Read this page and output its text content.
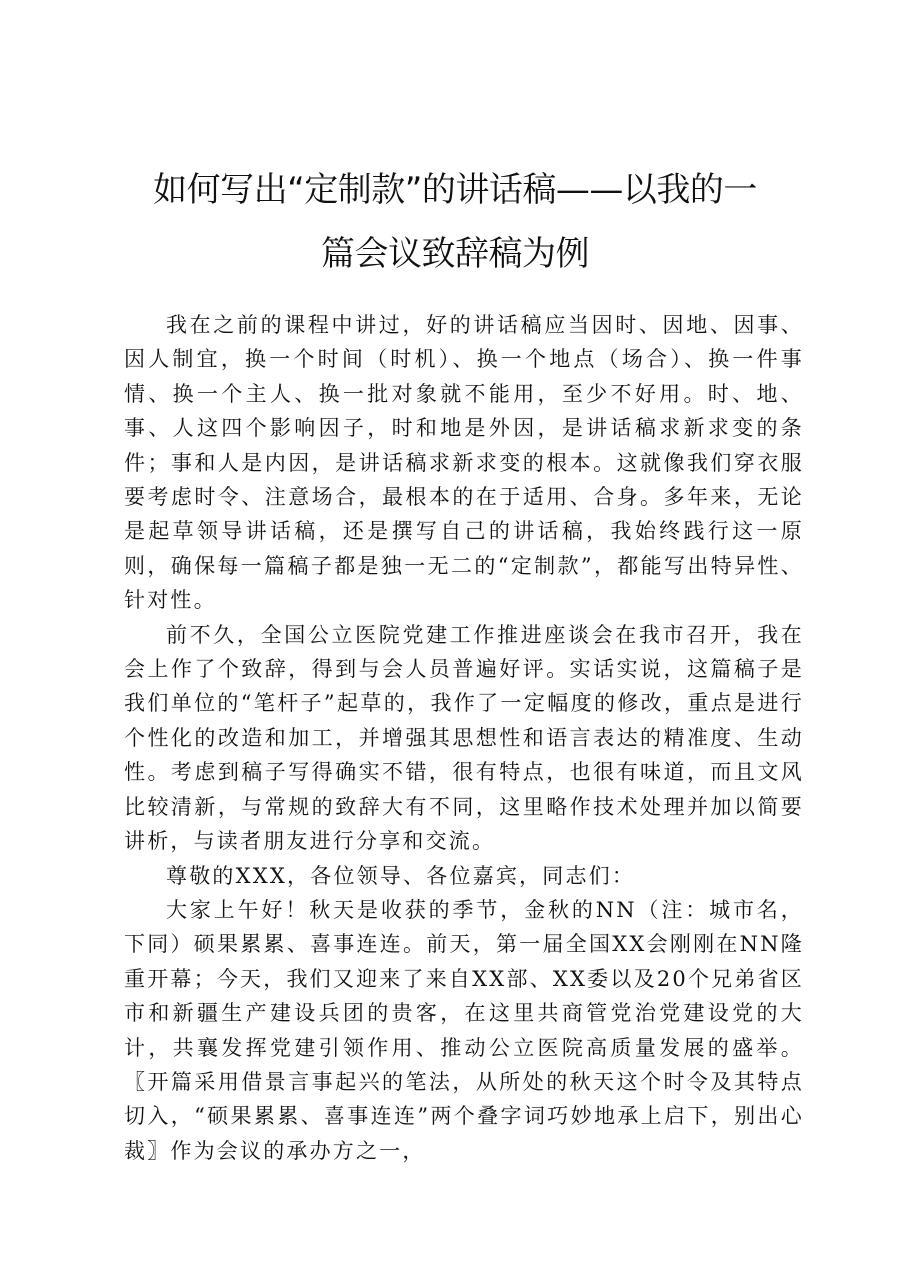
如何写出“定制款”的讲话稿——以我的一
篇会议致辞稿为例

我在之前的课程中讲过，好的讲话稿应当因时、因地、因事、因人制宜，换一个时间（时机）、换一个地点（场合）、换一件事情、换一个主人、换一批对象就不能用，至少不好用。时、地、事、人这四个影响因子，时和地是外因，是讲话稿求新求变的条件；事和人是内因，是讲话稿求新求变的根本。这就像我们穿衣服要考虑时令、注意场合，最根本的在于适用、合身。多年来，无论是起草领导讲话稿，还是撰写自己的讲话稿，我始终践行这一原则，确保每一篇稿子都是独一无二的“定制款”，都能写出特异性、针对性。

前不久，全国公立医院党建工作推进座谈会在我市召开，我在会上作了个致辞，得到与会人员普遍好评。实话实说，这篇稿子是我们单位的“笔杆子”起草的，我作了一定幅度的修改，重点是进行个性化的改造和加工，并增强其思想性和语言表达的精准度、生动性。考虑到稿子写得确实不错，很有特点，也很有味道，而且文风比较清新，与常规的致辞大有不同，这里略作技术处理并加以简要讲析，与读者朋友进行分享和交流。

尊敬的XXX，各位领导、各位嘉宾，同志们：

大家上午好！秋天是收获的季节，金秋的NN（注：城市名，下同）硕果累累、喜事连连。前天，第一届全国XX会刚刚在NN隆重开幕；今天，我们又迎来了来自XX部、XX委以及20个兄弟省区市和新疆生产建设兵团的贵客，在这里共商管党治党建设党的大计，共襄发挥党建引领作用、推动公立医院高质量发展的盛举。〖开篇采用借景言事起兴的笔法，从所处的秋天这个时令及其特点切入，“硕果累累、喜事连连”两个叠字词巧妙地承上启下，别出心裁〗作为会议的承办方之一，
